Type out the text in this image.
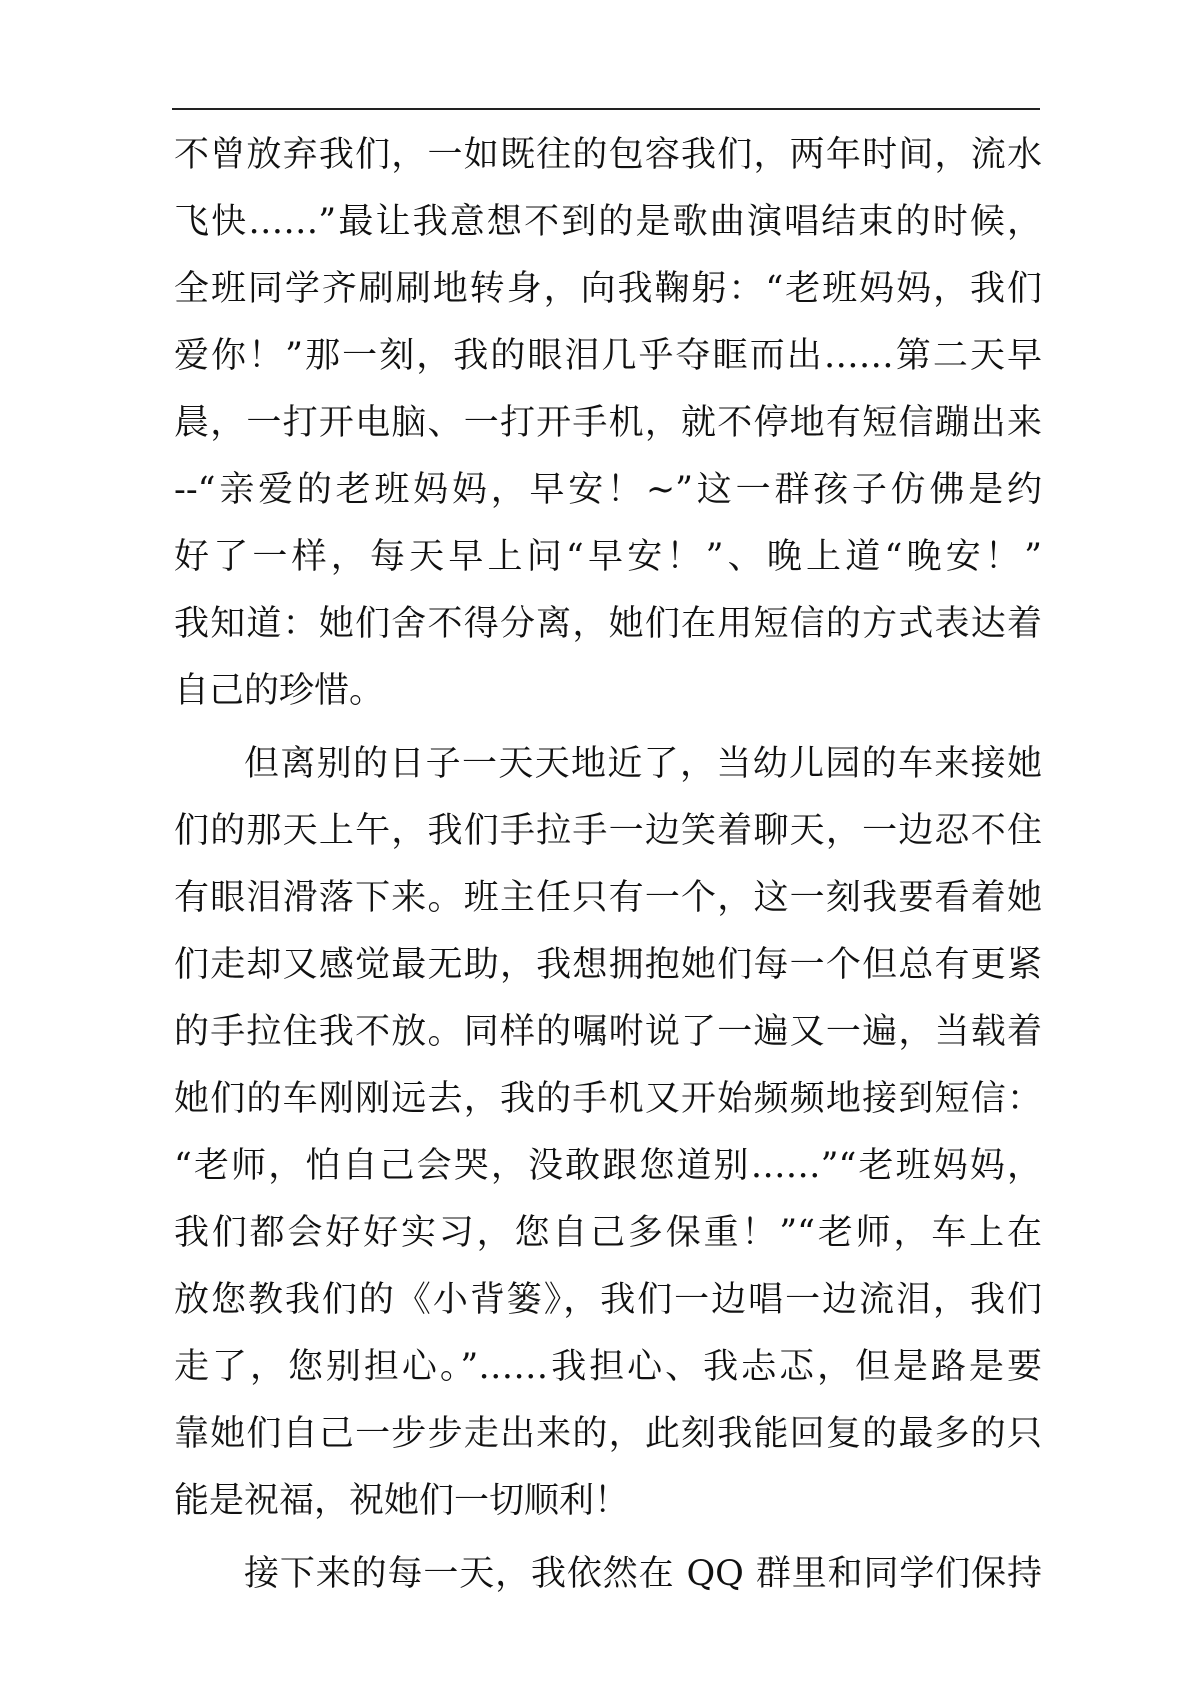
不曾放弃我们，一如既往的包容我们，两年时间，流水
飞快……”最让我意想不到的是歌曲演唱结束的时候，
全班同学齐刷刷地转身，向我鞠躬：“老班妈妈，我们
爱你！”那一刻，我的眼泪几乎夺眶而出……第二天早
晨，一打开电脑、一打开手机，就不停地有短信蹦出来
--“亲爱的老班妈妈，早安！~”这一群孩子仿佛是约
好了一样，每天早上问“早安！”、晚上道“晚安！”
我知道：她们舍不得分离，她们在用短信的方式表达着
自己的珍惜。
但离别的日子一天天地近了，当幼儿园的车来接她
们的那天上午，我们手拉手一边笑着聊天，一边忍不住
有眼泪滑落下来。班主任只有一个，这一刻我要看着她
们走却又感觉最无助，我想拥抱她们每一个但总有更紧
的手拉住我不放。同样的嘱咐说了一遍又一遍，当载着
她们的车刚刚远去，我的手机又开始频频地接到短信：
“老师，怕自己会哭，没敢跟您道别……”“老班妈妈，
我们都会好好实习，您自己多保重！”“老师，车上在
放您教我们的《小背篓》，我们一边唱一边流泪，我们
走了，您别担心。”……我担心、我忐忑，但是路是要
靠她们自己一步步走出来的，此刻我能回复的最多的只
能是祝福，祝她们一切顺利！
接下来的每一天，我依然在 QQ 群里和同学们保持
